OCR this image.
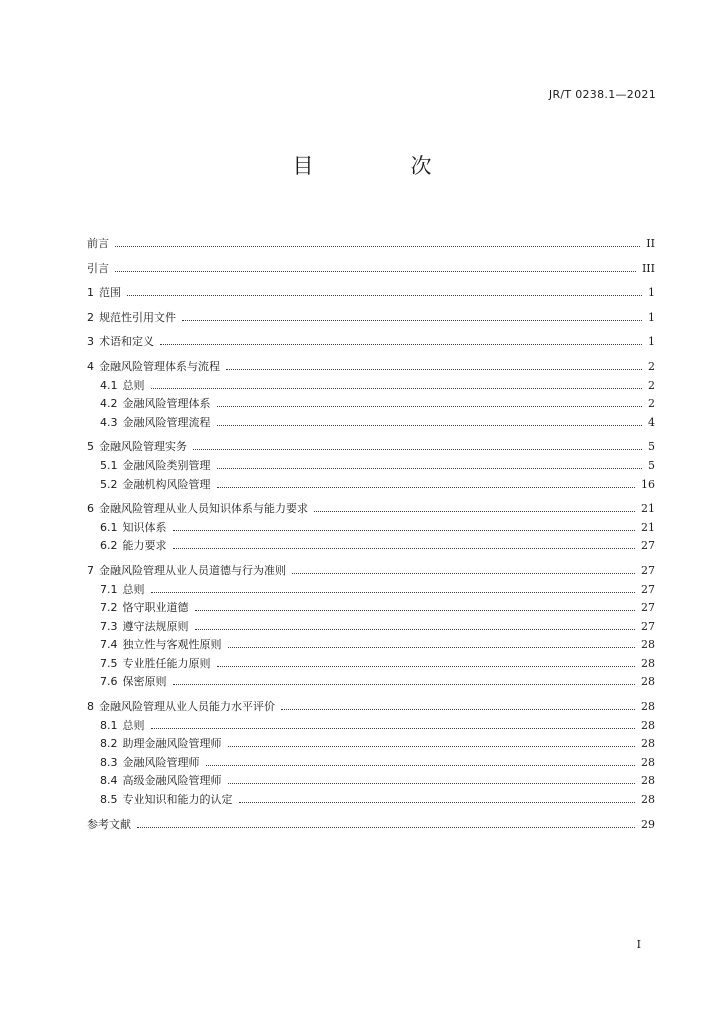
JR/T 0238.1—2021
目　次
前言	II
引言	III
1 范围	1
2 规范性引用文件	1
3 术语和定义	1
4 金融风险管理体系与流程	2
4.1 总则	2
4.2 金融风险管理体系	2
4.3 金融风险管理流程	4
5 金融风险管理实务	5
5.1 金融风险类别管理	5
5.2 金融机构风险管理	16
6 金融风险管理从业人员知识体系与能力要求	21
6.1 知识体系	21
6.2 能力要求	27
7 金融风险管理从业人员道德与行为准则	27
7.1 总则	27
7.2 恪守职业道德	27
7.3 遵守法规原则	27
7.4 独立性与客观性原则	28
7.5 专业胜任能力原则	28
7.6 保密原则	28
8 金融风险管理从业人员能力水平评价	28
8.1 总则	28
8.2 助理金融风险管理师	28
8.3 金融风险管理师	28
8.4 高级金融风险管理师	28
8.5 专业知识和能力的认定	28
参考文献	29
I
